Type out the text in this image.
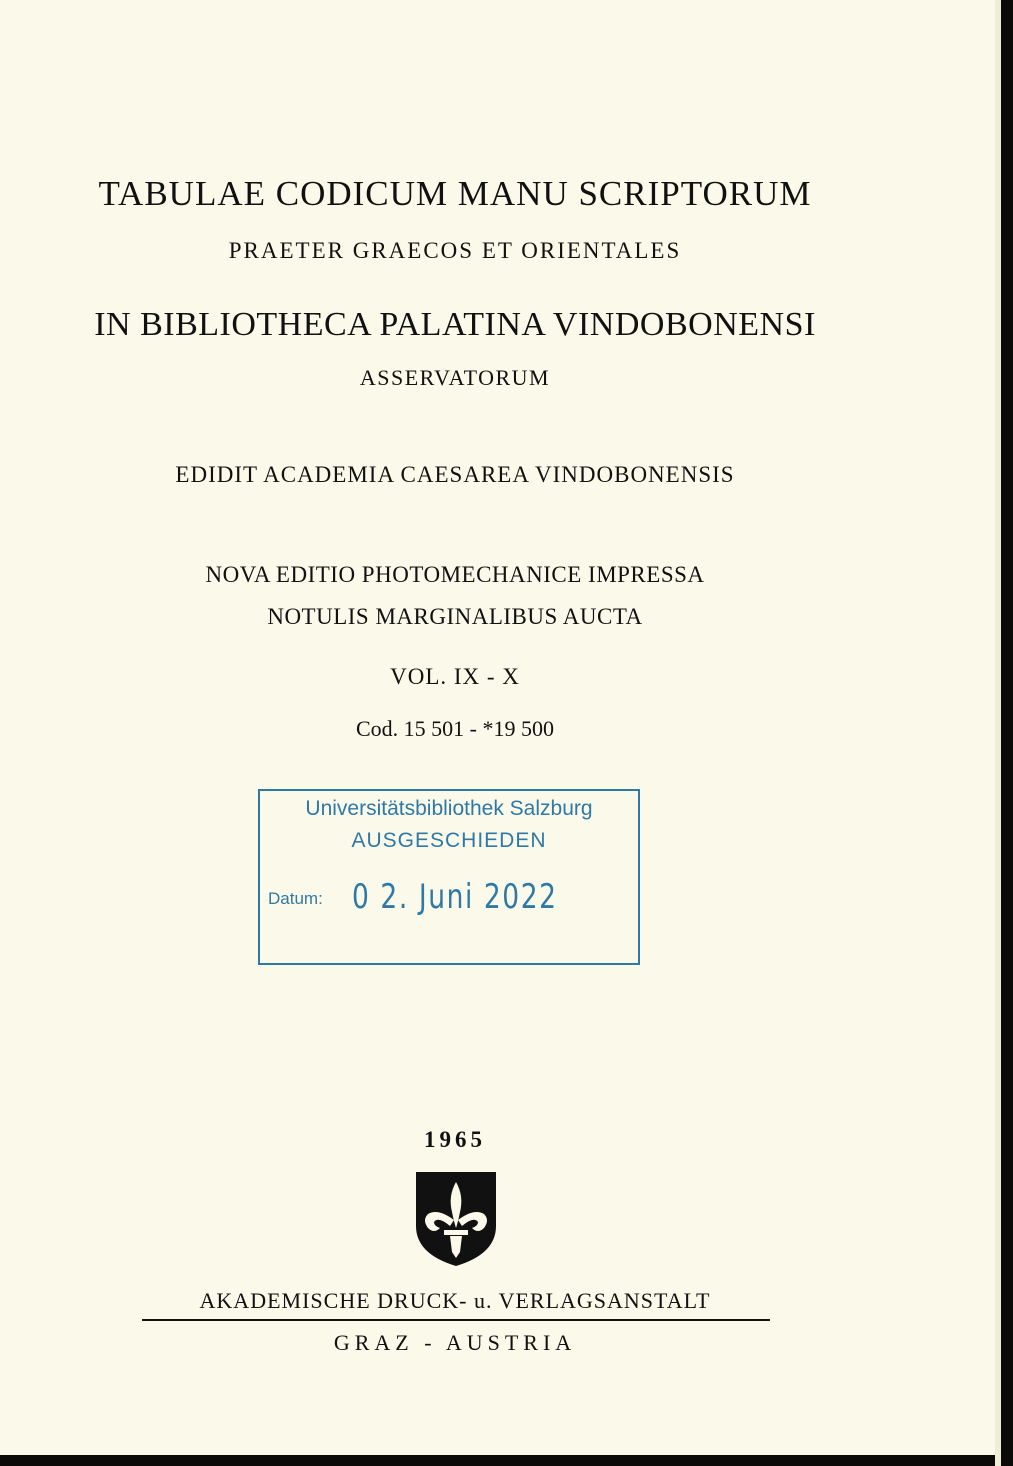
TABULAE CODICUM MANU SCRIPTORUM
PRAETER GRAECOS ET ORIENTALES
IN BIBLIOTHECA PALATINA VINDOBONENSI
ASSERVATORUM
EDIDIT ACADEMIA CAESAREA VINDOBONENSIS
NOVA EDITIO PHOTOMECHANICE IMPRESSA
NOTULIS MARGINALIBUS AUCTA
VOL. IX - X
Cod. 15 501 - *19 500
Universitätsbibliothek Salzburg
AUSGESCHIEDEN
Datum: 0 2. Juni 2022
1965
AKADEMISCHE DRUCK- u. VERLAGSANSTALT
GRAZ - AUSTRIA
